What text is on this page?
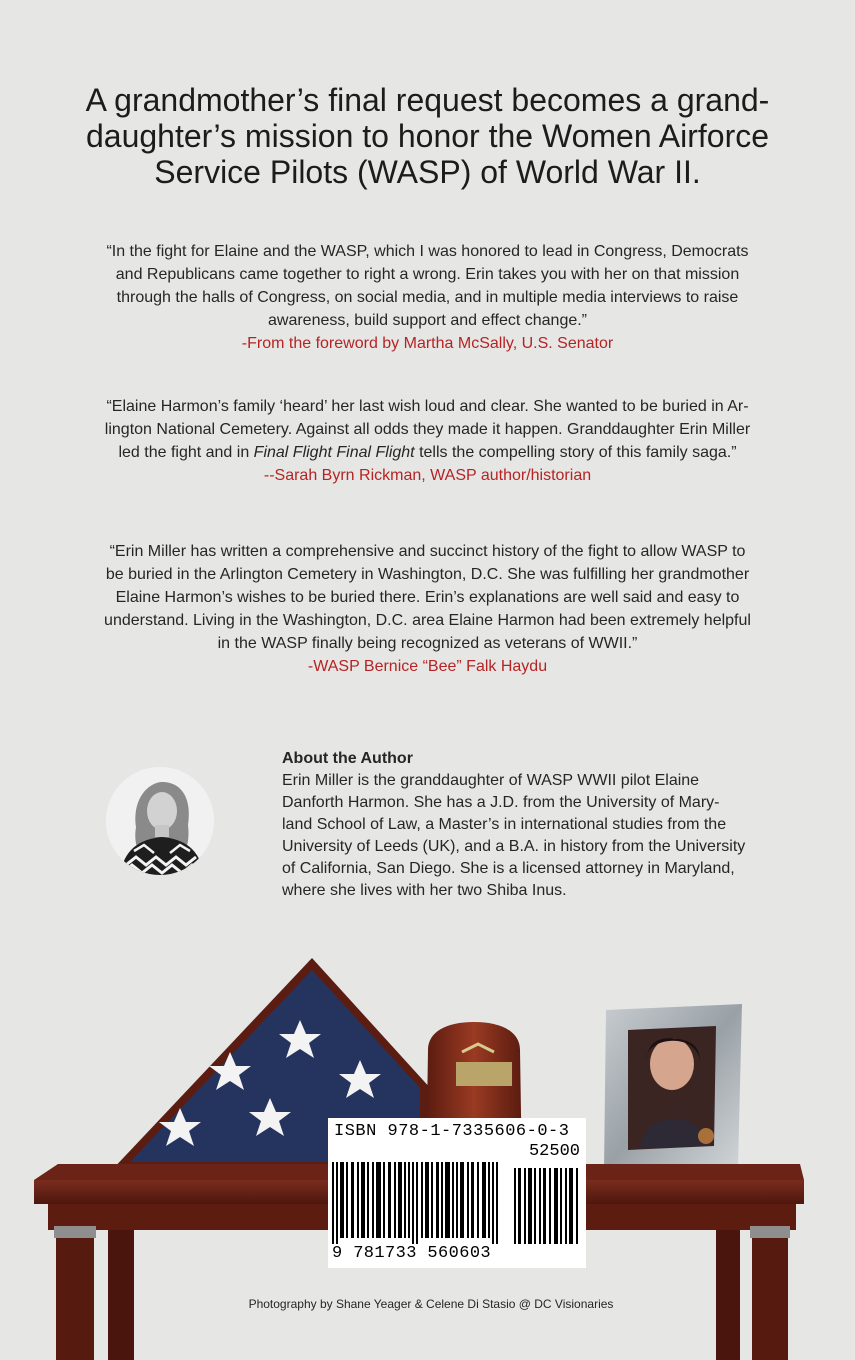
A grandmother’s final request becomes a grand-
daughter’s mission to honor the Women Airforce
Service Pilots (WASP) of World War II.

“In the fight for Elaine and the WASP, which I was honored to lead in Congress, Democrats

and Republicans came together to right a wrong. Erin takes you with her on that mission

through the halls of Congress, on social media, and in multiple media interviews to raise

awareness, build support and effect change.”

-From the foreword by Martha McSally, U.S. Senator

“Elaine Harmon’s family ‘heard’ her last wish loud and clear. She wanted to be buried in Ar-

lington National Cemetery. Against all odds they made it happen. Granddaughter Erin Miller

led the fight and in Final Flight Final Flight tells the compelling story of this family saga.”

--Sarah Byrn Rickman, WASP author/historian

“Erin Miller has written a comprehensive and succinct history of the fight to allow WASP to

be buried in the Arlington Cemetery in Washington, D.C. She was fulfilling her grandmother

Elaine Harmon’s wishes to be buried there. Erin’s explanations are well said and easy to

understand. Living in the Washington, D.C. area Elaine Harmon had been extremely helpful

in the WASP finally being recognized as veterans of WWII.”

-WASP Bernice “Bee” Falk Haydu

About the Author

Erin Miller is the granddaughter of WASP WWII pilot Elaine

Danforth Harmon. She has a J.D. from the University of Mary-

land School of Law, a Master’s in international studies from the

University of Leeds (UK), and a B.A. in history from the University

of California, San Diego. She is a licensed attorney in Maryland,

where she lives with her two Shiba Inus.

ISBN 978-1-7335606-0-3
52500
9 781733 560603
Photography by Shane Yeager & Celene Di Stasio @ DC Visionaries
